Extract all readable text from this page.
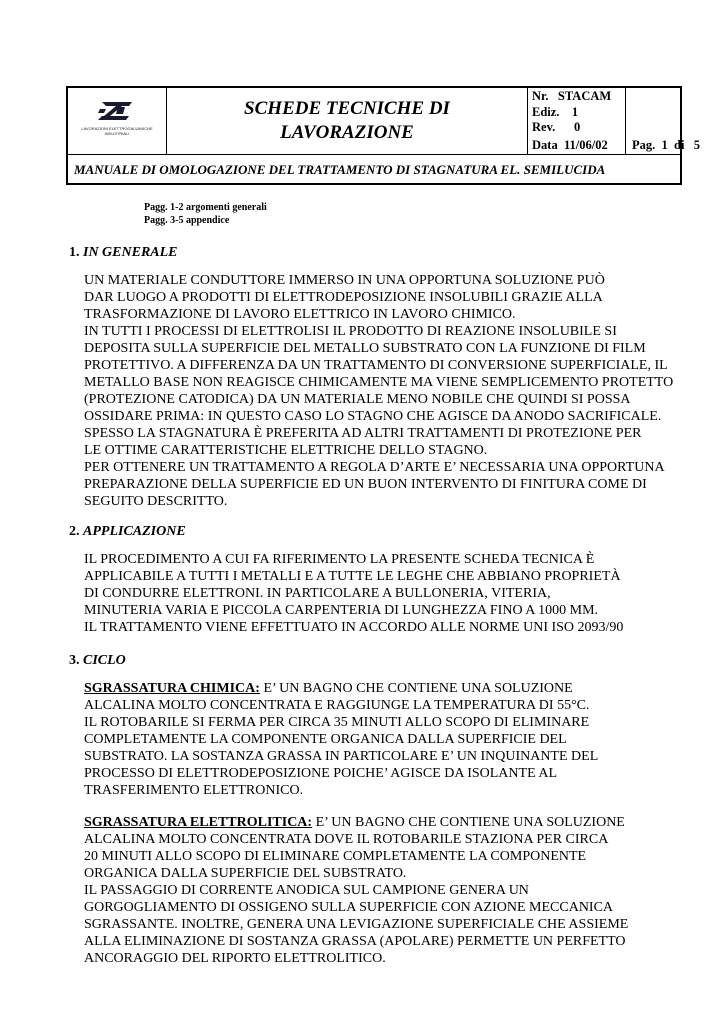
LAVORAZIONI ELETTROGALVANICHE INDUSTRIALI
SCHEDE TECNICHE DI
LAVORAZIONE
Nr.   STACAM
Ediz.    1
Rev.      0
Data  11/06/02 Pag.  1  di   5
MANUALE DI OMOLOGAZIONE DEL TRATTAMENTO DI STAGNATURA EL. SEMILUCIDA
Pagg. 1-2 argomenti generali
Pagg. 3-5 appendice
1. IN GENERALE
UN MATERIALE CONDUTTORE IMMERSO IN UNA OPPORTUNA SOLUZIONE PUÒ
DAR LUOGO A PRODOTTI DI ELETTRODEPOSIZIONE INSOLUBILI GRAZIE ALLA
TRASFORMAZIONE DI LAVORO ELETTRICO IN LAVORO CHIMICO.
IN TUTTI I PROCESSI DI ELETTROLISI IL PRODOTTO DI REAZIONE INSOLUBILE SI
DEPOSITA SULLA SUPERFICIE DEL METALLO SUBSTRATO CON LA FUNZIONE DI FILM
PROTETTIVO. A DIFFERENZA DA UN TRATTAMENTO DI CONVERSIONE SUPERFICIALE, IL
METALLO BASE NON REAGISCE CHIMICAMENTE MA VIENE SEMPLICEMENTO PROTETTO
(PROTEZIONE CATODICA) DA UN MATERIALE MENO NOBILE CHE QUINDI SI POSSA
OSSIDARE PRIMA: IN QUESTO CASO LO STAGNO CHE AGISCE DA ANODO SACRIFICALE.
SPESSO LA STAGNATURA È PREFERITA AD ALTRI TRATTAMENTI DI PROTEZIONE PER
LE OTTIME CARATTERISTICHE ELETTRICHE DELLO STAGNO.
PER OTTENERE UN TRATTAMENTO A REGOLA D’ARTE E’ NECESSARIA UNA OPPORTUNA
PREPARAZIONE DELLA SUPERFICIE ED UN BUON INTERVENTO DI FINITURA COME DI
SEGUITO DESCRITTO.
2. APPLICAZIONE
IL PROCEDIMENTO A CUI FA RIFERIMENTO LA PRESENTE SCHEDA TECNICA È
APPLICABILE A TUTTI I METALLI E A TUTTE LE LEGHE CHE ABBIANO PROPRIETÀ
DI CONDURRE ELETTRONI. IN PARTICOLARE A BULLONERIA, VITERIA,
MINUTERIA VARIA E PICCOLA CARPENTERIA DI LUNGHEZZA FINO A 1000 MM.
IL TRATTAMENTO VIENE EFFETTUATO IN ACCORDO ALLE NORME UNI ISO 2093/90
3. CICLO
SGRASSATURA CHIMICA: E’ UN BAGNO CHE CONTIENE UNA SOLUZIONE
ALCALINA MOLTO CONCENTRATA E RAGGIUNGE LA TEMPERATURA DI 55°C.
IL ROTOBARILE SI FERMA PER CIRCA 35 MINUTI ALLO SCOPO DI ELIMINARE
COMPLETAMENTE LA COMPONENTE ORGANICA DALLA SUPERFICIE DEL
SUBSTRATO. LA SOSTANZA GRASSA IN PARTICOLARE E’ UN INQUINANTE DEL
PROCESSO DI ELETTRODEPOSIZIONE POICHE’ AGISCE DA ISOLANTE AL
TRASFERIMENTO ELETTRONICO.
SGRASSATURA ELETTROLITICA: E’ UN BAGNO CHE CONTIENE UNA SOLUZIONE
ALCALINA MOLTO CONCENTRATA DOVE IL ROTOBARILE STAZIONA PER CIRCA
20 MINUTI ALLO SCOPO DI ELIMINARE COMPLETAMENTE LA COMPONENTE
ORGANICA DALLA SUPERFICIE DEL SUBSTRATO.
IL PASSAGGIO DI CORRENTE ANODICA SUL CAMPIONE GENERA UN
GORGOGLIAMENTO DI OSSIGENO SULLA SUPERFICIE CON AZIONE MECCANICA
SGRASSANTE. INOLTRE, GENERA UNA LEVIGAZIONE SUPERFICIALE CHE ASSIEME
ALLA ELIMINAZIONE DI SOSTANZA GRASSA (APOLARE) PERMETTE UN PERFETTO
ANCORAGGIO DEL RIPORTO ELETTROLITICO.
